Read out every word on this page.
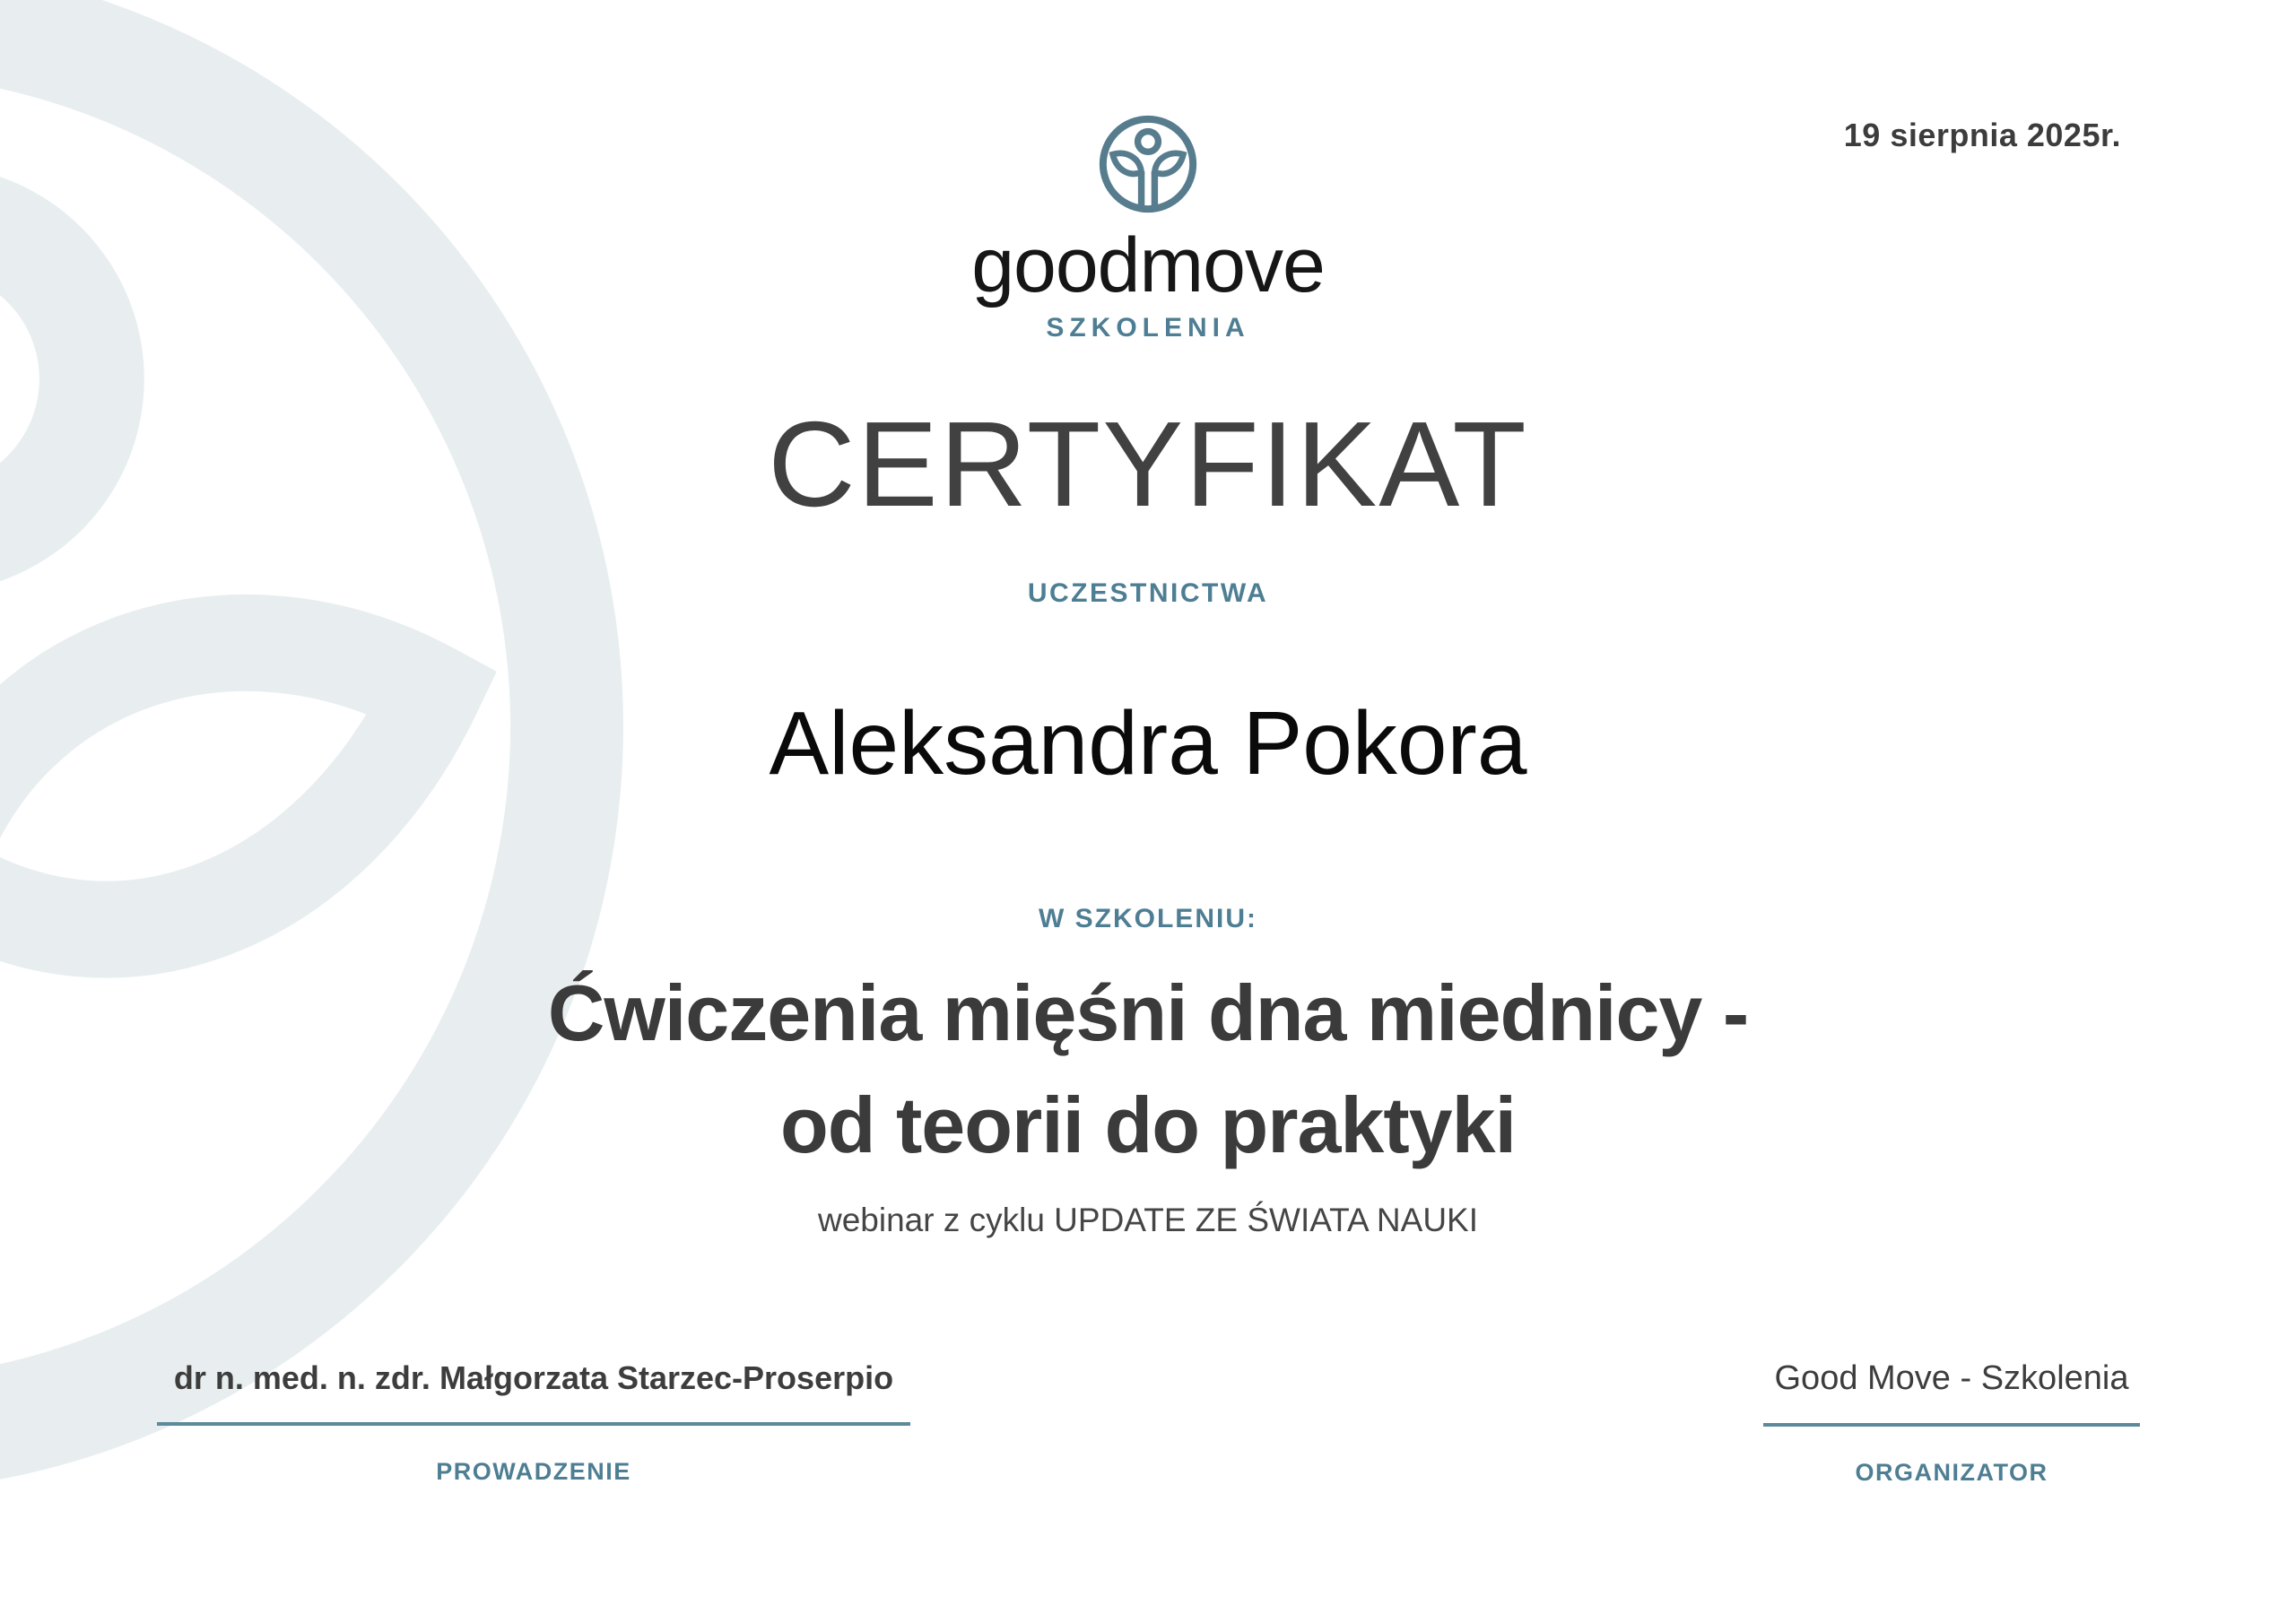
19 sierpnia 2025r.
goodmove
SZKOLENIA
CERTYFIKAT
UCZESTNICTWA
Aleksandra Pokora
W SZKOLENIU:
Ćwiczenia mięśni dna miednicy -
od teorii do praktyki
webinar z cyklu UPDATE ZE ŚWIATA NAUKI
dr n. med. n. zdr. Małgorzata Starzec-Proserpio
PROWADZENIE
Good Move - Szkolenia
ORGANIZATOR
